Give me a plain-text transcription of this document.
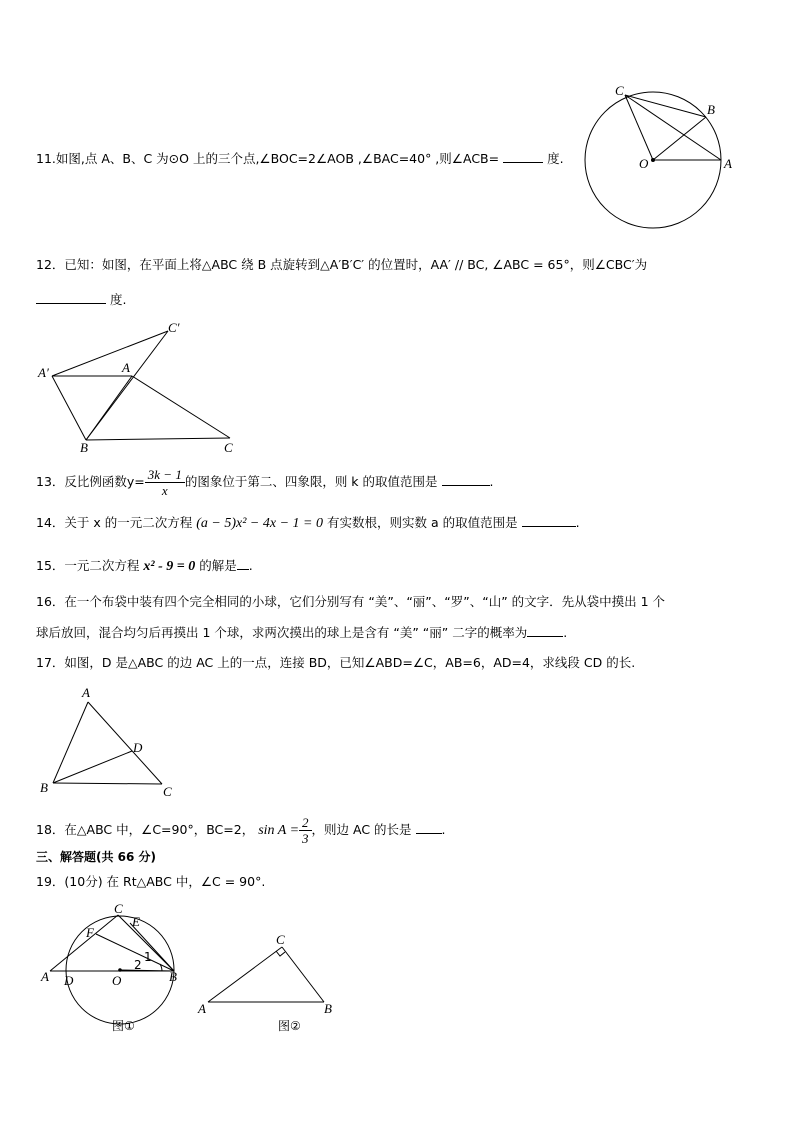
11.如图,点 A、B、C 为⊙O 上的三个点,∠BOC=2∠AOB ,∠BAC=40° ,则∠ACB=	度.
C
B
O	A
12．已知：如图，在平面上将△ABC 绕 B 点旋转到△A′B′C′ 的位置时，AA′ // BC, ∠ABC = 65°，则∠CBC′为
度.
C′
A′	A
B	C
13．反比例函数$y= \frac{3k - 1}{x}$ 的图象位于第二、四象限，则 k 的取值范围是	.
14．关于 x 的一元二次方程 (a − 5)x² − 4x − 1 = 0 有实数根，则实数 a 的取值范围是	.
15．一元二次方程 x² - 9 = 0 的解是 .
16．在一个布袋中装有四个完全相同的小球，它们分别写有 “美”、“丽”、“罗”、“山” 的文字．先从袋中摸出 1 个
球后放回，混合均匀后再摸出 1 个球，求两次摸出的球上是含有 “美” “丽” 二字的概率为	.
17．如图，D 是△ABC 的边 AC 上的一点，连接 BD，已知∠ABD=∠C，AB=6，AD=4，求线段 CD 的长.
A
D
B	C
18．在△ABC 中，∠C=90°，BC=2， $\sin A = \frac{2}{3}$ ，则边 AC 的长是 .
三、解答题(共 66 分)
19．(10分) 在 Rt△ABC 中，∠C = 90°.
C
E
F
A D	O	B
1
2
图①
C
A	B
图②
